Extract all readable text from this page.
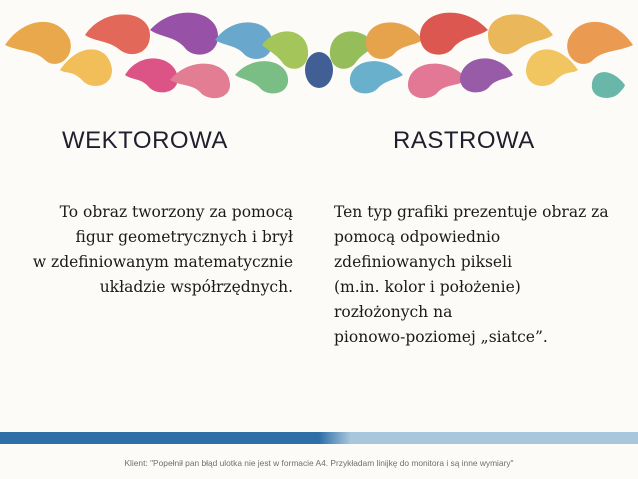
WEKTOROWA	RASTROWA
To obraz tworzony za pomocą
figur geometrycznych i brył
w zdefiniowanym matematycznie
układzie współrzędnych.
Ten typ grafiki prezentuje obraz za
pomocą odpowiednio
zdefiniowanych pikseli
(m.in. kolor i położenie)
rozłożonych na
pionowo-poziomej „siatce”.
Klient: "Popełnił pan błąd ulotka nie jest w formacie A4. Przykładam linijkę do monitora i są inne wymiary"
